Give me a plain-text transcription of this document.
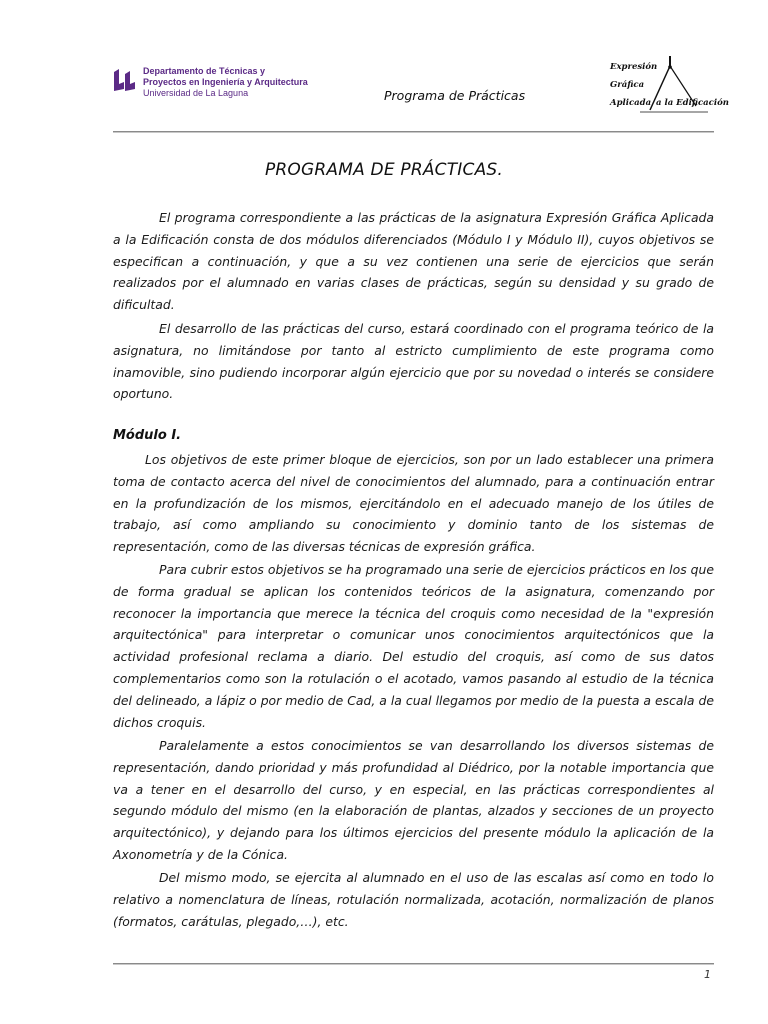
Departamento de Técnicas y
Proyectos en Ingeniería y Arquitectura
Universidad de La Laguna	Programa de Prácticas
Expresión
Gráfica
Aplicada a la Edificación
PROGRAMA DE PRÁCTICAS.

El programa correspondiente a las prácticas de la asignatura Expresión Gráfica Aplicada a la Edificación consta de dos módulos diferenciados (Módulo I y Módulo II), cuyos objetivos se especifican a continuación, y que a su vez contienen una serie de ejercicios que serán realizados por el alumnado en varias clases de prácticas, según su densidad y su grado de dificultad.

El desarrollo de las prácticas del curso, estará coordinado con el programa teórico de la asignatura, no limitándose por tanto al estricto cumplimiento de este programa como inamovible, sino pudiendo incorporar algún ejercicio que por su novedad o interés se considere oportuno.

Módulo I.

Los objetivos de este primer bloque de ejercicios, son por un lado establecer una primera toma de contacto acerca del nivel de conocimientos del alumnado, para a continuación entrar en la profundización de los mismos, ejercitándolo en el adecuado manejo de los útiles de trabajo, así como ampliando su conocimiento y dominio tanto de los sistemas de representación, como de las diversas técnicas de expresión gráfica.

Para cubrir estos objetivos se ha programado una serie de ejercicios prácticos en los que de forma gradual se aplican los contenidos teóricos de la asignatura, comenzando por reconocer la importancia que merece la técnica del croquis como necesidad de la "expresión arquitectónica" para interpretar o comunicar unos conocimientos arquitectónicos que la actividad profesional reclama a diario. Del estudio del croquis, así como de sus datos complementarios como son la rotulación o el acotado, vamos pasando al estudio de la técnica del delineado, a lápiz o por medio de Cad, a la cual llegamos por medio de la puesta a escala de dichos croquis.

Paralelamente a estos conocimientos se van desarrollando los diversos sistemas de representación, dando prioridad y más profundidad al Diédrico, por la notable importancia que va a tener en el desarrollo del curso, y en especial, en las prácticas correspondientes al segundo módulo del mismo (en la elaboración de plantas, alzados y secciones de un proyecto arquitectónico), y dejando para los últimos ejercicios del presente módulo la aplicación de la Axonometría y de la Cónica.

Del mismo modo, se ejercita al alumnado en el uso de las escalas así como en todo lo relativo a nomenclatura de líneas, rotulación normalizada, acotación, normalización de planos (formatos, carátulas, plegado,…), etc.

1
